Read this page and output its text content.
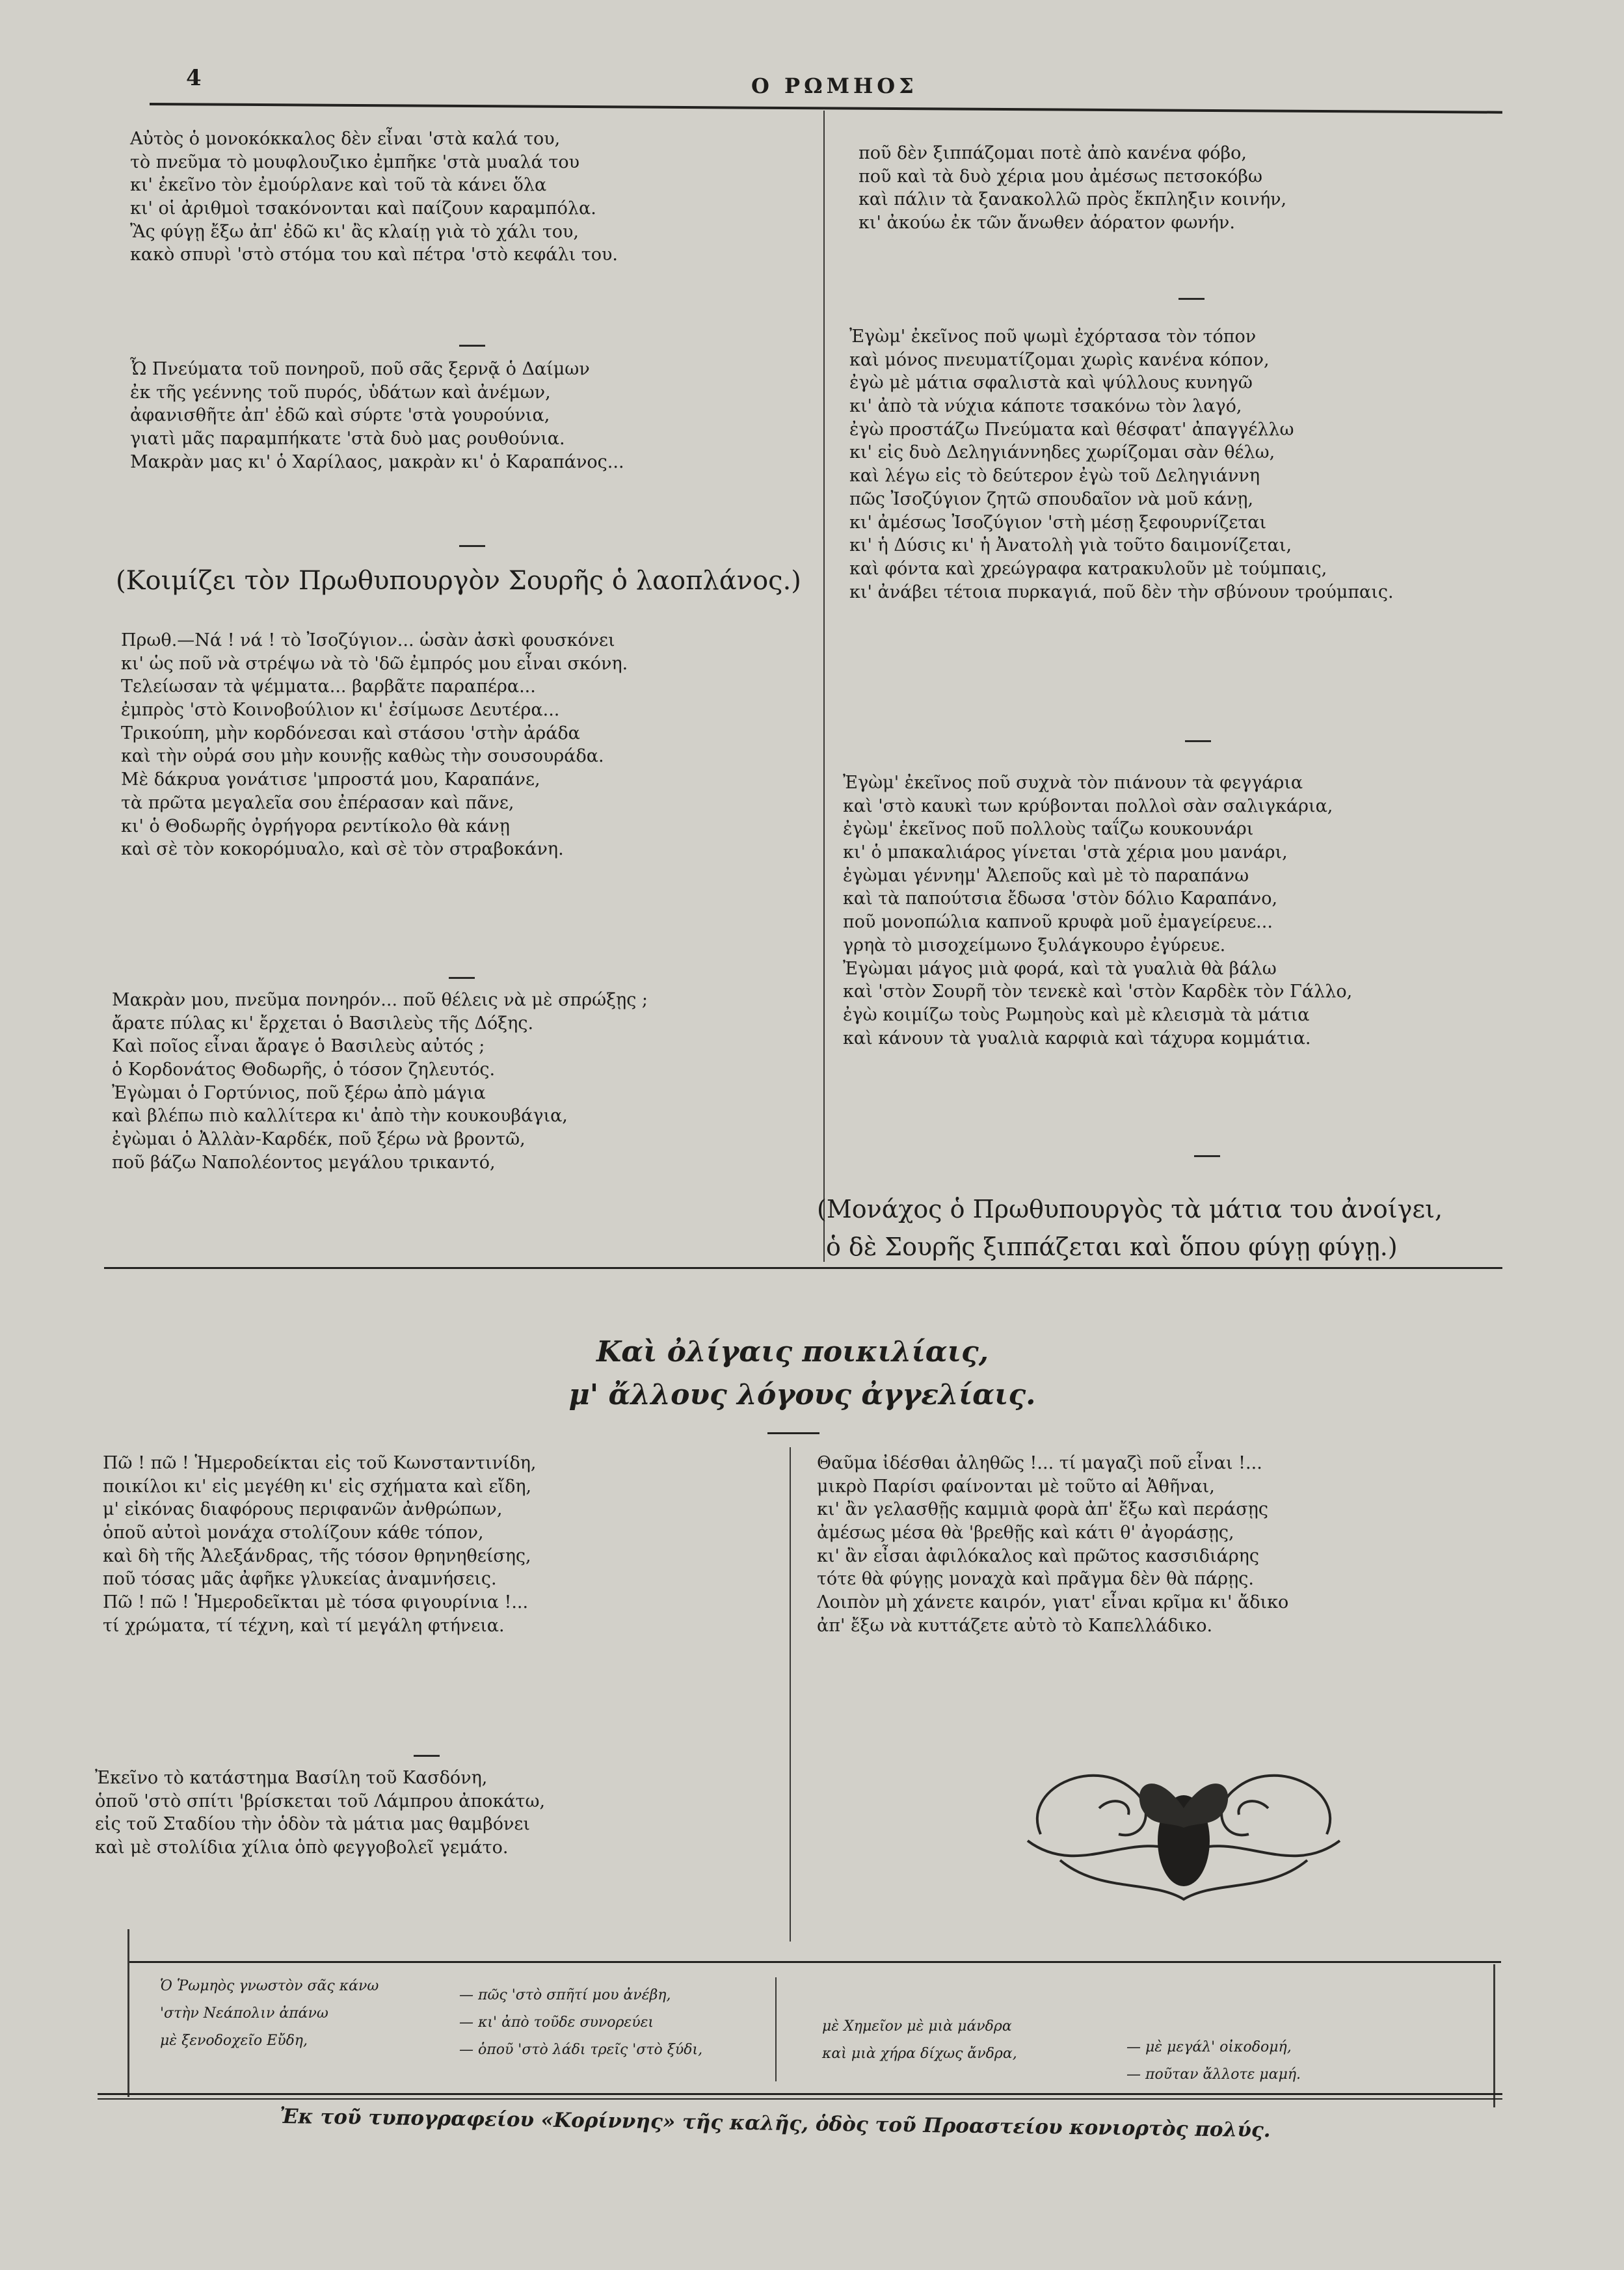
4	Ο ΡΩΜΗΟΣ
Αὐτὸς ὁ μονοκόκκαλος δὲν εἶναι 'στὰ καλά του,
τὸ πνεῦμα τὸ μουφλουζικο ἐμπῆκε 'στὰ μυαλά του
κι' ἐκεῖνο τὸν ἐμούρλανε καὶ τοῦ τὰ κάνει ὅλα
κι' οἱ ἀριθμοὶ τσακόνονται καὶ παίζουν καραμπόλα.
Ἂς φύγῃ ἔξω ἀπ' ἐδῶ κι' ἂς κλαίῃ γιὰ τὸ χάλι του,
κακὸ σπυρὶ 'στὸ στόμα του καὶ πέτρα 'στὸ κεφάλι του.
Ὦ Πνεύματα τοῦ πονηροῦ, ποῦ σᾶς ξερνᾷ ὁ Δαίμων
ἐκ τῆς γεέννης τοῦ πυρός, ὑδάτων καὶ ἀνέμων,
ἀφανισθῆτε ἀπ' ἐδῶ καὶ σύρτε 'στὰ γουρούνια,
γιατὶ μᾶς παραμπήκατε 'στὰ δυὸ μας ρουθούνια.
Μακρὰν μας κι' ὁ Χαρίλαος, μακρὰν κι' ὁ Καραπάνος...
(Κοιμίζει τὸν Πρωθυπουργὸν Σουρῆς ὁ λαοπλάνος.)
Πρωθ.—Νά ! νά ! τὸ Ἰσοζύγιον... ὡσὰν ἀσκὶ φουσκόνει
κι' ὡς ποῦ νὰ στρέψω νὰ τὸ 'δῶ ἐμπρός μου εἶναι σκόνη.
Τελείωσαν τὰ ψέμματα... βαρβᾶτε παραπέρα...
ἐμπρὸς 'στὸ Κοινοβούλιον κι' ἐσίμωσε Δευτέρα...
Τρικούπη, μὴν κορδόνεσαι καὶ στάσου 'στὴν ἀράδα
καὶ τὴν οὐρά σου μὴν κουνῇς καθὼς τὴν σουσουράδα.
Μὲ δάκρυα γονάτισε 'μπροστά μου, Καραπάνε,
τὰ πρῶτα μεγαλεῖα σου ἐπέρασαν καὶ πᾶνε,
κι' ὁ Θοδωρῆς ὀγρήγορα ρεντίκολο θὰ κάνῃ
καὶ σὲ τὸν κοκορόμυαλο, καὶ σὲ τὸν στραβοκάνη.
Μακρὰν μου, πνεῦμα πονηρόν... ποῦ θέλεις νὰ μὲ σπρώξῃς ;
ἄρατε πύλας κι' ἔρχεται ὁ Βασιλεὺς τῆς Δόξης.
Καὶ ποῖος εἶναι ἄραγε ὁ Βασιλεὺς αὐτός ;
ὁ Κορδονάτος Θοδωρῆς, ὁ τόσον ζηλευτός.
Ἐγὼμαι ὁ Γορτύνιος, ποῦ ξέρω ἀπὸ μάγια
καὶ βλέπω πιὸ καλλίτερα κι' ἀπὸ τὴν κουκουβάγια,
ἐγὼμαι ὁ Ἀλλὰν-Καρδέκ, ποῦ ξέρω νὰ βροντῶ,
ποῦ βάζω Ναπολέοντος μεγάλου τρικαντό,
ποῦ δὲν ξιππάζομαι ποτὲ ἀπὸ κανένα φόβο,
ποῦ καὶ τὰ δυὸ χέρια μου ἀμέσως πετσοκόβω
καὶ πάλιν τὰ ξανακολλῶ πρὸς ἔκπληξιν κοινήν,
κι' ἀκούω ἐκ τῶν ἄνωθεν ἀόρατον φωνήν.
Ἐγὼμ' ἐκεῖνος ποῦ ψωμὶ ἐχόρτασα τὸν τόπον
καὶ μόνος πνευματίζομαι χωρὶς κανένα κόπον,
ἐγὼ μὲ μάτια σφαλιστὰ καὶ ψύλλους κυνηγῶ
κι' ἀπὸ τὰ νύχια κάποτε τσακόνω τὸν λαγό,
ἐγὼ προστάζω Πνεύματα καὶ θέσφατ' ἀπαγγέλλω
κι' εἰς δυὸ Δεληγιάννηδες χωρίζομαι σὰν θέλω,
καὶ λέγω εἰς τὸ δεύτερον ἐγὼ τοῦ Δεληγιάννη
πῶς Ἰσοζύγιον ζητῶ σπουδαῖον νὰ μοῦ κάνῃ,
κι' ἀμέσως Ἰσοζύγιον 'στὴ μέσῃ ξεφουρνίζεται
κι' ἡ Δύσις κι' ἡ Ἀνατολὴ γιὰ τοῦτο δαιμονίζεται,
καὶ φόντα καὶ χρεώγραφα κατρακυλοῦν μὲ τούμπαις,
κι' ἀνάβει τέτοια πυρκαγιά, ποῦ δὲν τὴν σβύνουν τρούμπαις.
Ἐγὼμ' ἐκεῖνος ποῦ συχνὰ τὸν πιάνουν τὰ φεγγάρια
καὶ 'στὸ καυκὶ των κρύβονται πολλοὶ σὰν σαλιγκάρια,
ἐγὼμ' ἐκεῖνος ποῦ πολλοὺς ταΐζω κουκουνάρι
κι' ὁ μπακαλιάρος γίνεται 'στὰ χέρια μου μανάρι,
ἐγὼμαι γέννημ' Ἀλεποῦς καὶ μὲ τὸ παραπάνω
καὶ τὰ παπούτσια ἔδωσα 'στὸν δόλιο Καραπάνο,
ποῦ μονοπώλια καπνοῦ κρυφὰ μοῦ ἐμαγείρευε...
γρηὰ τὸ μισοχείμωνο ξυλάγκουρο ἐγύρευε.
Ἐγὼμαι μάγος μιὰ φορά, καὶ τὰ γυαλιὰ θὰ βάλω
καὶ 'στὸν Σουρῆ τὸν τενεκὲ καὶ 'στὸν Καρδὲκ τὸν Γάλλο,
ἐγὼ κοιμίζω τοὺς Ρωμηοὺς καὶ μὲ κλεισμὰ τὰ μάτια
καὶ κάνουν τὰ γυαλιὰ καρφιὰ καὶ τάχυρα κομμάτια.
(Μονάχος ὁ Πρωθυπουργὸς τὰ μάτια του ἀνοίγει,
ὁ δὲ Σουρῆς ξιππάζεται καὶ ὅπου φύγῃ φύγῃ.)
Καὶ ὀλίγαις ποικιλίαις,
μ' ἄλλους λόγους ἀγγελίαις.
Πῶ ! πῶ ! Ἡμεροδείκται εἰς τοῦ Κωνσταντινίδη,
ποικίλοι κι' εἰς μεγέθη κι' εἰς σχήματα καὶ εἴδη,
μ' εἰκόνας διαφόρους περιφανῶν ἀνθρώπων,
ὁποῦ αὐτοὶ μονάχα στολίζουν κάθε τόπον,
καὶ δὴ τῆς Ἀλεξάνδρας, τῆς τόσον θρηνηθείσης,
ποῦ τόσας μᾶς ἀφῆκε γλυκείας ἀναμνήσεις.
Πῶ ! πῶ ! Ἡμεροδεῖκται μὲ τόσα φιγουρίνια !...
τί χρώματα, τί τέχνη, καὶ τί μεγάλη φτήνεια.
Ἐκεῖνο τὸ κατάστημα Βασίλη τοῦ Κασδόνη,
ὁποῦ 'στὸ σπίτι 'βρίσκεται τοῦ Λάμπρου ἀποκάτω,
εἰς τοῦ Σταδίου τὴν ὁδὸν τὰ μάτια μας θαμβόνει
καὶ μὲ στολίδια χίλια ὁπὸ φεγγοβολεῖ γεμάτο.
Θαῦμα ἰδέσθαι ἀληθῶς !... τί μαγαζὶ ποῦ εἶναι !...
μικρὸ Παρίσι φαίνονται μὲ τοῦτο αἱ Ἀθῆναι,
κι' ἂν γελασθῇς καμμιὰ φορὰ ἀπ' ἔξω καὶ περάσῃς
ἀμέσως μέσα θὰ 'βρεθῇς καὶ κάτι θ' ἀγοράσῃς,
κι' ἂν εἶσαι ἀφιλόκαλος καὶ πρῶτος κασσιδιάρης
τότε θὰ φύγῃς μοναχὰ καὶ πρᾶγμα δὲν θὰ πάρῃς.
Λοιπὸν μὴ χάνετε καιρόν, γιατ' εἶναι κρῖμα κι' ἄδικο
ἀπ' ἔξω νὰ κυττάζετε αὐτὸ τὸ Καπελλάδικο.
Ὁ Ῥωμηὸς γνωστὸν σᾶς κάνω
'στὴν Νεάπολιν ἀπάνω
μὲ ξενοδοχεῖο Εὔδη,
— πῶς 'στὸ σπῆτί μου ἀνέβη,
— κι' ἀπὸ τοῦδε συνορεύει
— ὁποῦ 'στὸ λάδι τρεῖς 'στὸ ξύδι,
μὲ Χημεῖον μὲ μιὰ μάνδρα
καὶ μιὰ χήρα δίχως ἄνδρα,	— μὲ μεγάλ' οἰκοδομή,
— ποῦταν ἄλλοτε μαμή.
Ἐκ τοῦ τυπογραφείου «Κορίννης» τῆς καλῆς, ὁδὸς τοῦ Προαστείου κονιορτὸς πολύς.
